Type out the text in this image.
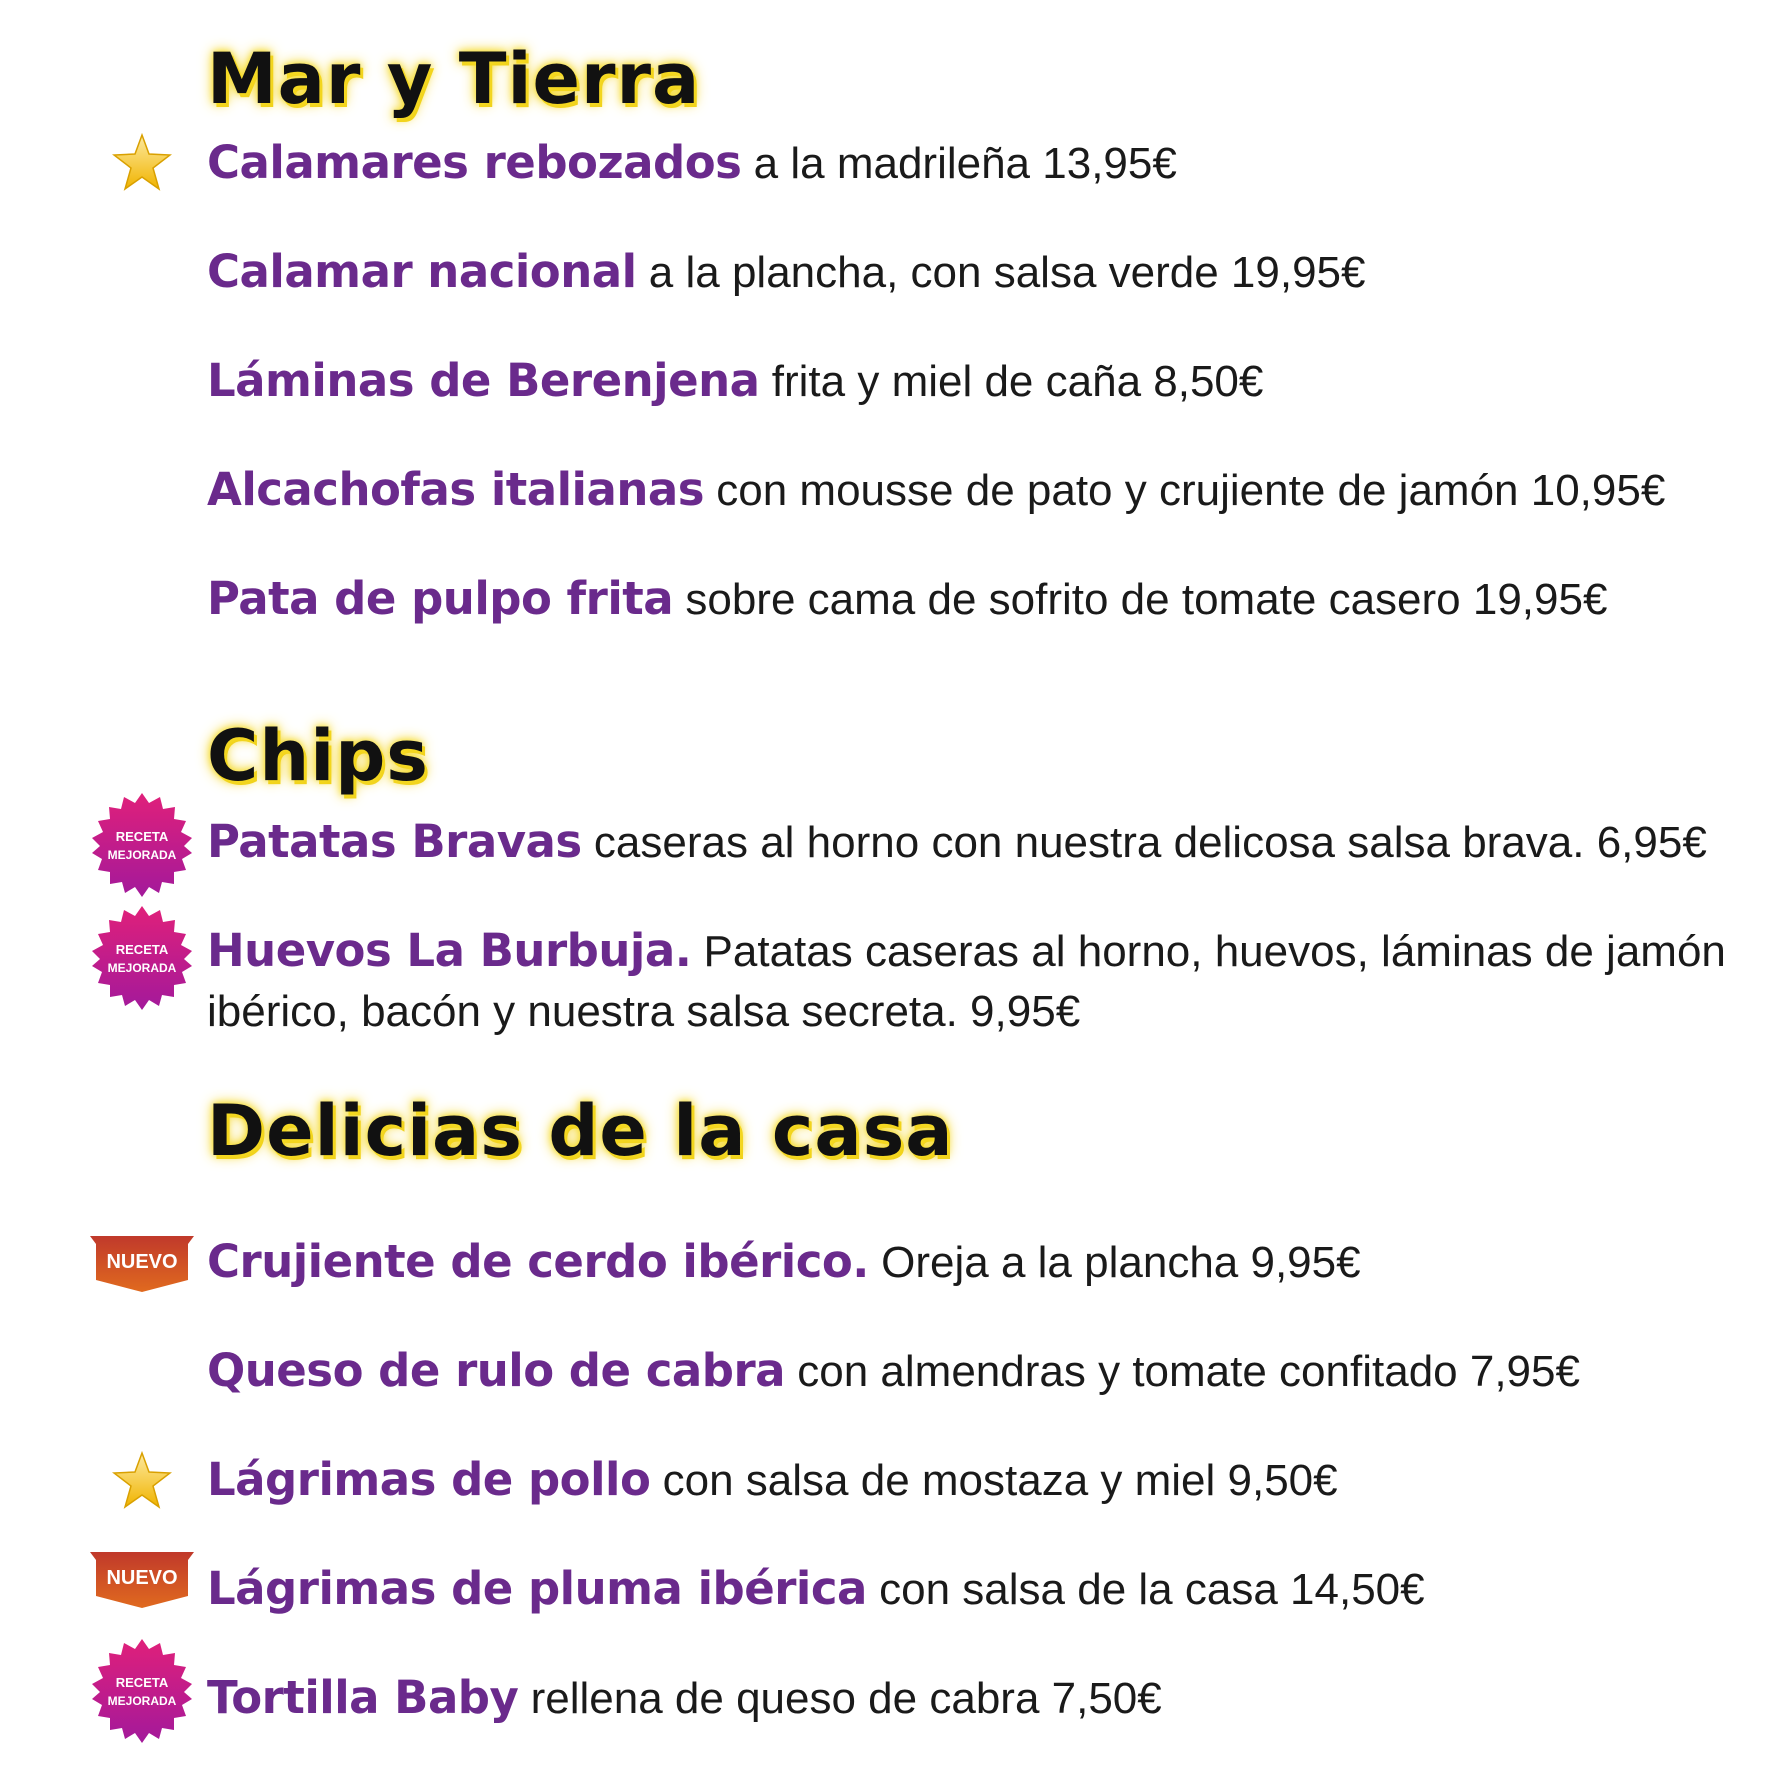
Mar y Tierra

Calamares rebozados a la madrileña 13,95€

Calamar nacional a la plancha, con salsa verde 19,95€

Láminas de Berenjena frita y miel de caña 8,50€

Alcachofas italianas con mousse de pato y crujiente de jamón 10,95€

Pata de pulpo frita sobre cama de sofrito de tomate casero 19,95€

Chips
RECETA
MEJORADA Patatas Bravas caseras al horno con nuestra delicosa salsa brava. 6,95€

RECETA
MEJORADA Huevos La Burbuja. Patatas caseras al horno, huevos, láminas de jamón ibérico, bacón y nuestra salsa secreta. 9,95€

Delicias de la casa
NUEVO Crujiente de cerdo ibérico. Oreja a la plancha 9,95€

Queso de rulo de cabra con almendras y tomate confitado 7,95€

Lágrimas de pollo con salsa de mostaza y miel 9,50€

NUEVO Lágrimas de pluma ibérica con salsa de la casa 14,50€

RECETA
MEJORADA Tortilla Baby rellena de queso de cabra 7,50€
